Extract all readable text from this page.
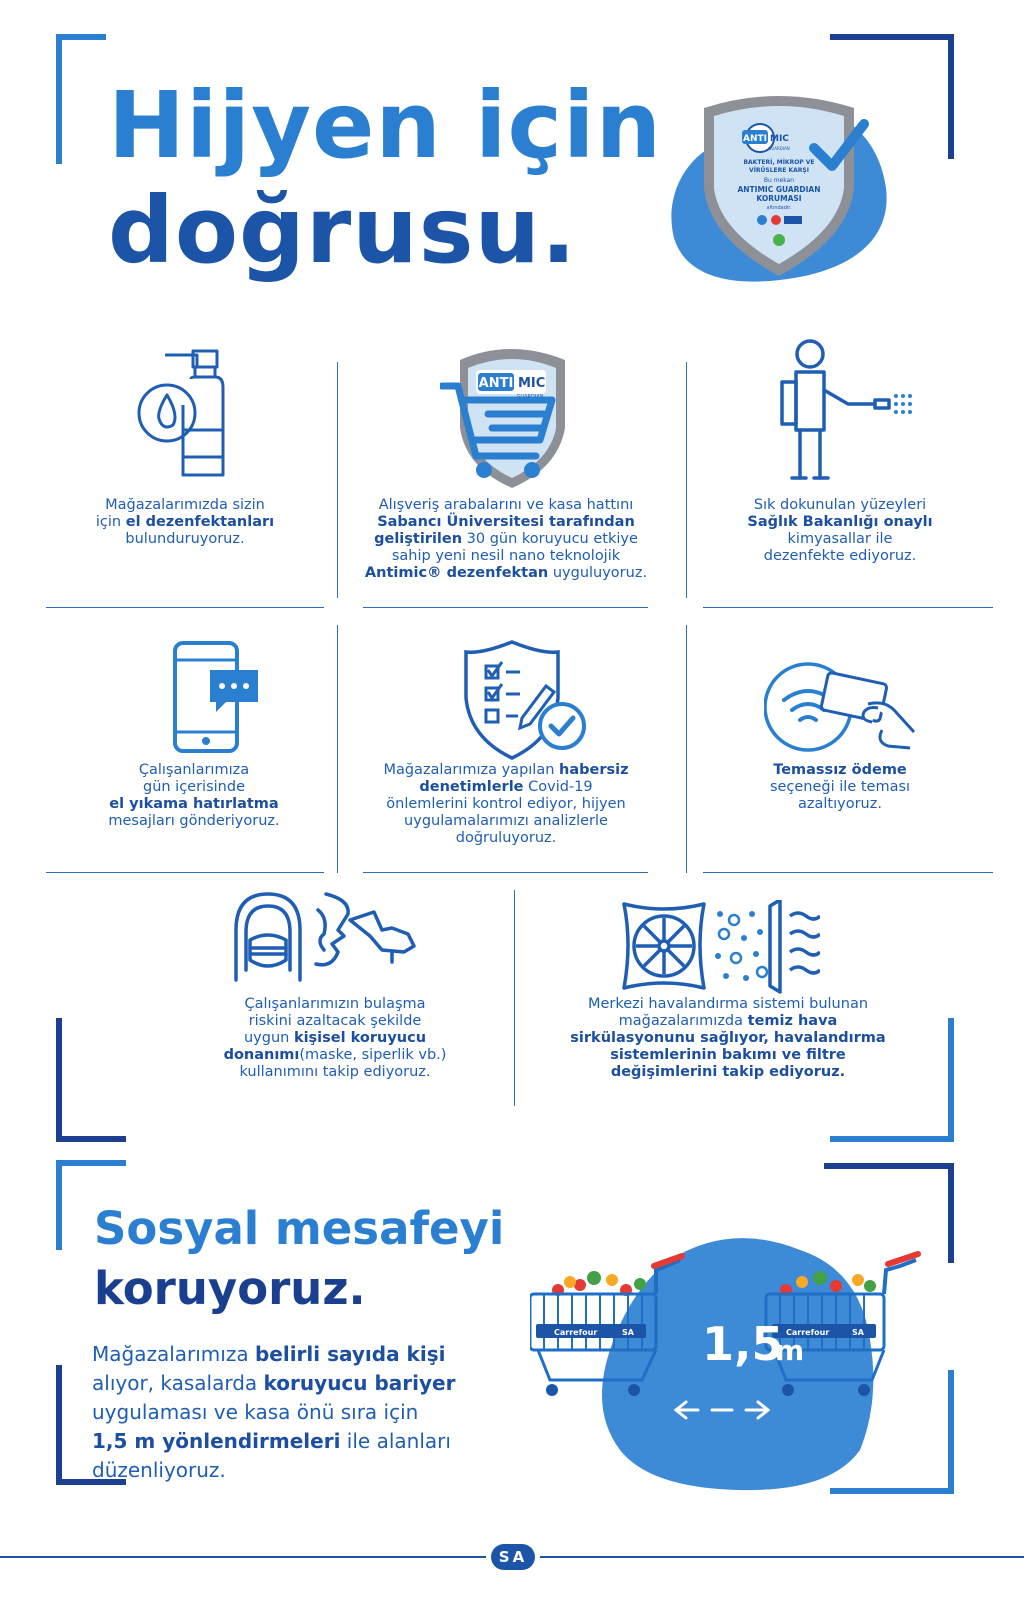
Hijyen için
doğrusu.
ANTI MIC
GUARDIAN
BAKTERİ, MİKROP VE
VİRÜSLERE KARŞI
Bu mekan
ANTIMIC GUARDIAN
KORUMASI
altındadır.
Mağazalarımızda sizin
için el dezenfektanları
bulunduruyoruz.
ANTI MIC
GUARDIAN
Alışveriş arabalarını ve kasa hattını
Sabancı Üniversitesi tarafından
geliştirilen 30 gün koruyucu etkiye
sahip yeni nesil nano teknolojik
Antimic® dezenfektan uyguluyoruz.
Sık dokunulan yüzeyleri
Sağlık Bakanlığı onaylı
kimyasallar ile
dezenfekte ediyoruz.
Çalışanlarımıza
gün içerisinde
el yıkama hatırlatma
mesajları gönderiyoruz.
Mağazalarımıza yapılan habersiz
denetimlerle Covid-19
önlemlerini kontrol ediyor, hijyen
uygulamalarımızı analizlerle
doğruluyoruz.
Temassız ödeme
seçeneği ile teması
azaltıyoruz.
Çalışanlarımızın bulaşma
riskini azaltacak şekilde
uygun kişisel koruyucu
donanımı(maske, siperlik vb.)
kullanımını takip ediyoruz.
Merkezi havalandırma sistemi bulunan
mağazalarımızda temiz hava
sirkülasyonunu sağlıyor, havalandırma
sistemlerinin bakımı ve filtre
değişimlerini takip ediyoruz.
Sosyal mesafeyi
koruyoruz.
Mağazalarımıza belirli sayıda kişi
alıyor, kasalarda koruyucu bariyer
uygulaması ve kasa önü sıra için
1,5 m yönlendirmeleri ile alanları
düzenliyoruz.
Carrefour	SA	Carrefour	SA
1,5
m
SA
